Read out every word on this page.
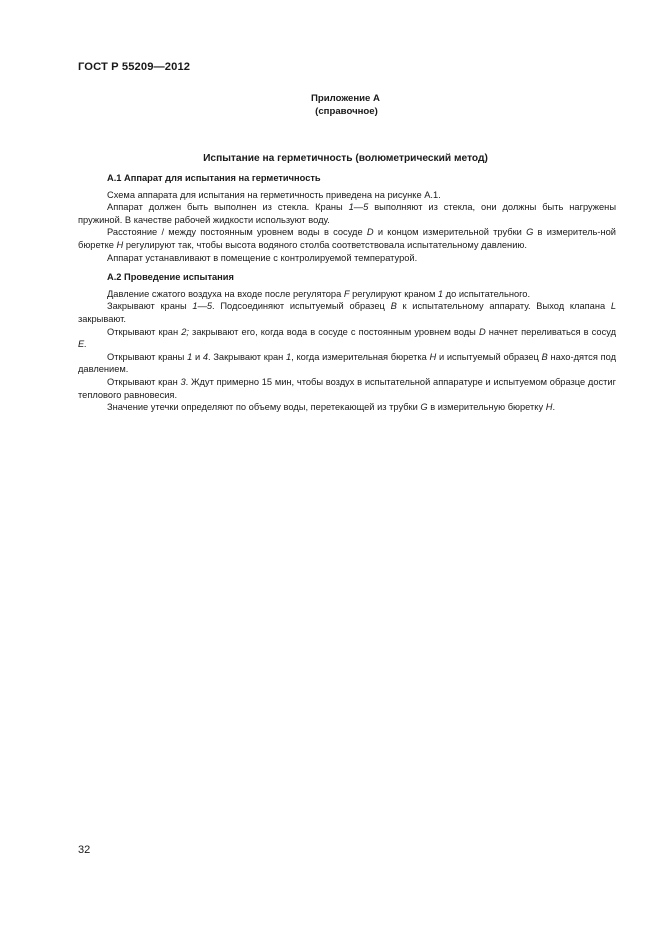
ГОСТ Р 55209—2012
Приложение А
(справочное)
Испытание на герметичность (волюметрический метод)
А.1 Аппарат для испытания на герметичность

Схема аппарата для испытания на герметичность приведена на рисунке А.1.

Аппарат должен быть выполнен из стекла. Краны 1—5 выполняют из стекла, они должны быть нагружены пружиной. В качестве рабочей жидкости используют воду.

Расстояние / между постоянным уровнем воды в сосуде D и концом измерительной трубки G в измеритель-ной бюретке H регулируют так, чтобы высота водяного столба соответствовала испытательному давлению.

Аппарат устанавливают в помещение с контролируемой температурой.

А.2 Проведение испытания

Давление сжатого воздуха на входе после регулятора F регулируют краном 1 до испытательного.

Закрывают краны 1—5. Подсоединяют испытуемый образец В к испытательному аппарату. Выход клапана L закрывают.

Открывают кран 2; закрывают его, когда вода в сосуде с постоянным уровнем воды D начнет переливаться в сосуд Е.

Открывают краны 1 и 4. Закрывают кран 1, когда измерительная бюретка Н и испытуемый образец В нахо-дятся под давлением.

Открывают кран 3. Ждут примерно 15 мин, чтобы воздух в испытательной аппаратуре и испытуемом образце достиг теплового равновесия.

Значение утечки определяют по объему воды, перетекающей из трубки G в измерительную бюретку Н.

32
